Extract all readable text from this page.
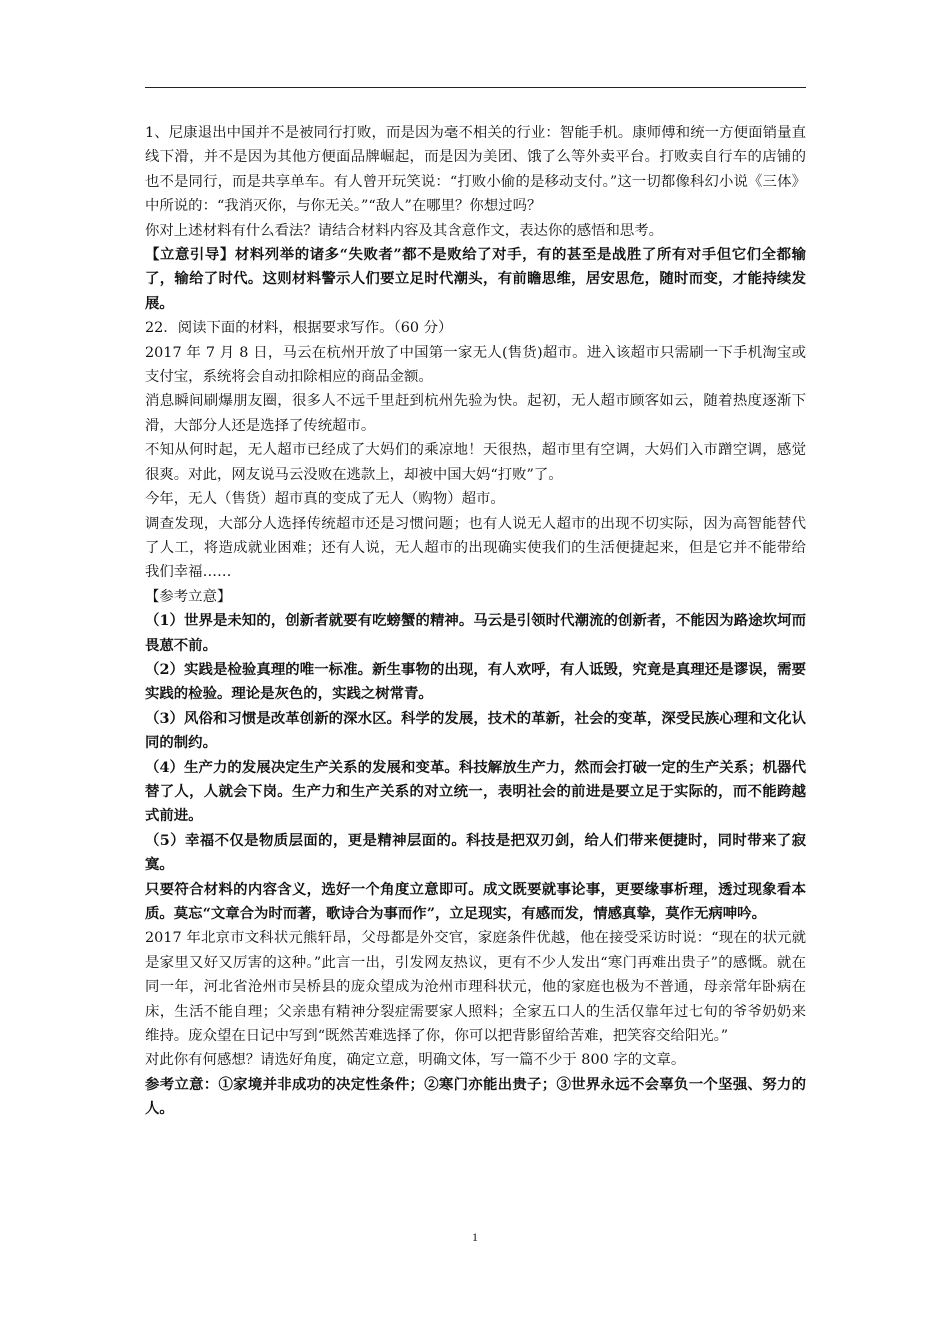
1、尼康退出中国并不是被同行打败，而是因为毫不相关的行业：智能手机。康师傅和统一方便面销量直线下滑，并不是因为其他方便面品牌崛起，而是因为美团、饿了么等外卖平台。打败卖自行车的店铺的也不是同行，而是共享单车。有人曾开玩笑说：“打败小偷的是移动支付。”这一切都像科幻小说《三体》中所说的：“我消灭你，与你无关。”“敌人”在哪里？你想过吗？

你对上述材料有什么看法？请结合材料内容及其含意作文，表达你的感悟和思考。

【立意引导】材料列举的诸多“失败者”都不是败给了对手，有的甚至是战胜了所有对手但它们全都输了，输给了时代。这则材料警示人们要立足时代潮头，有前瞻思维，居安思危，随时而变，才能持续发展。

22．阅读下面的材料，根据要求写作。（60 分）

2017 年 7 月 8 日，马云在杭州开放了中国第一家无人(售货)超市。进入该超市只需刷一下手机淘宝或支付宝，系统将会自动扣除相应的商品金额。

消息瞬间刷爆朋友圈，很多人不远千里赶到杭州先验为快。起初，无人超市顾客如云，随着热度逐渐下滑，大部分人还是选择了传统超市。

不知从何时起，无人超市已经成了大妈们的乘凉地！天很热，超市里有空调，大妈们入市蹭空调，感觉很爽。对此，网友说马云没败在逃款上，却被中国大妈“打败”了。

今年，无人（售货）超市真的变成了无人（购物）超市。

调查发现，大部分人选择传统超市还是习惯问题；也有人说无人超市的出现不切实际，因为高智能替代了人工，将造成就业困难；还有人说，无人超市的出现确实使我们的生活便捷起来，但是它并不能带给我们幸福……

【参考立意】

（1）世界是未知的，创新者就要有吃螃蟹的精神。马云是引领时代潮流的创新者，不能因为路途坎坷而畏葸不前。

（2）实践是检验真理的唯一标准。新生事物的出现，有人欢呼，有人诋毁，究竟是真理还是谬误，需要实践的检验。理论是灰色的，实践之树常青。

（3）风俗和习惯是改革创新的深水区。科学的发展，技术的革新，社会的变革，深受民族心理和文化认同的制约。

（4）生产力的发展决定生产关系的发展和变革。科技解放生产力，然而会打破一定的生产关系；机器代替了人，人就会下岗。生产力和生产关系的对立统一，表明社会的前进是要立足于实际的，而不能跨越式前进。

（5）幸福不仅是物质层面的，更是精神层面的。科技是把双刃剑，给人们带来便捷时，同时带来了寂寞。

只要符合材料的内容含义，选好一个角度立意即可。成文既要就事论事，更要缘事析理，透过现象看本质。莫忘“文章合为时而著，歌诗合为事而作”，立足现实，有感而发，情感真挚，莫作无病呻吟。

2017 年北京市文科状元熊轩昂，父母都是外交官，家庭条件优越，他在接受采访时说：“现在的状元就是家里又好又厉害的这种。”此言一出，引发网友热议，更有不少人发出“寒门再难出贵子”的感慨。就在同一年，河北省沧州市吴桥县的庞众望成为沧州市理科状元，他的家庭也极为不普通，母亲常年卧病在床，生活不能自理；父亲患有精神分裂症需要家人照料；全家五口人的生活仅靠年过七旬的爷爷奶奶来维持。庞众望在日记中写到“既然苦难选择了你，你可以把背影留给苦难，把笑容交给阳光。”

对此你有何感想？请选好角度，确定立意，明确文体，写一篇不少于 800 字的文章。

参考立意：①家境并非成功的决定性条件；②寒门亦能出贵子；③世界永远不会辜负一个坚强、努力的人。

1
